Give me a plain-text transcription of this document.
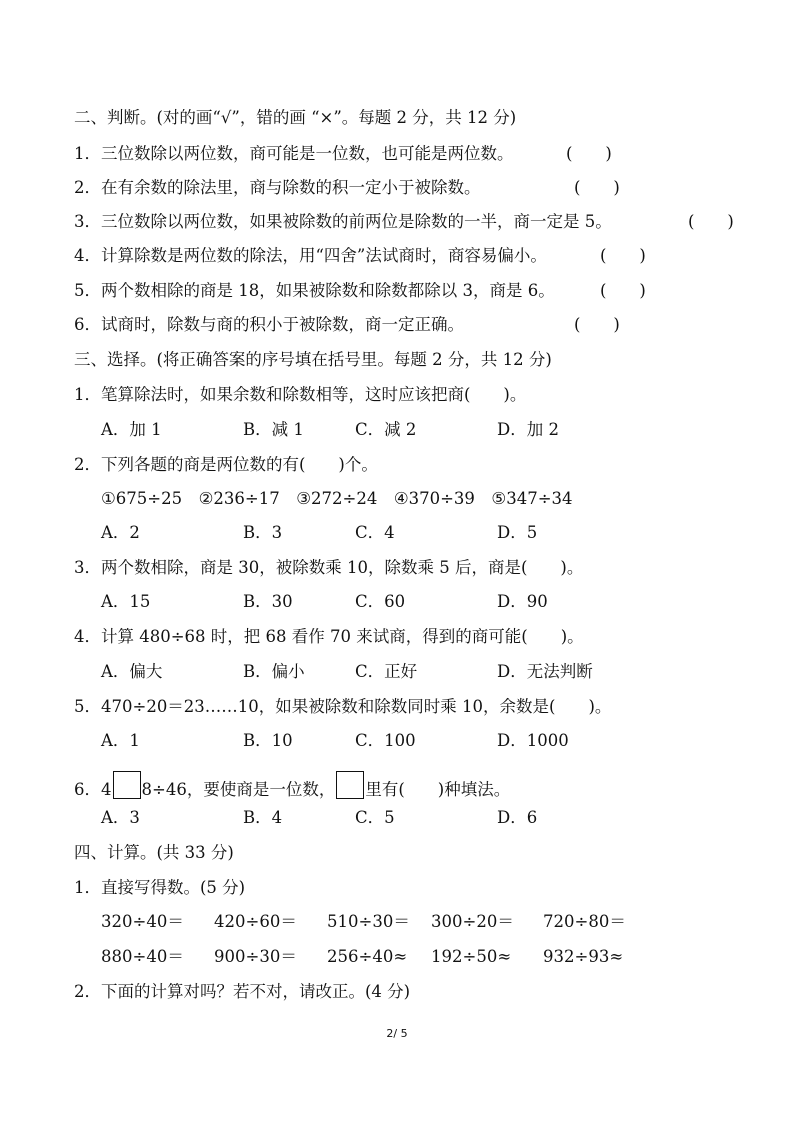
二、判断。(对的画“√”，错的画 “×”。每题 2 分，共 12 分)
1．三位数除以两位数，商可能是一位数，也可能是两位数。	(　　)
2．在有余数的除法里，商与除数的积一定小于被除数。	(　　)
3．三位数除以两位数，如果被除数的前两位是除数的一半，商一定是 5。	(　　)
4．计算除数是两位数的除法，用“四舍”法试商时，商容易偏小。	(　　)
5．两个数相除的商是 18，如果被除数和除数都除以 3，商是 6。	(　　)
6．试商时，除数与商的积小于被除数，商一定正确。	(　　)
三、选择。(将正确答案的序号填在括号里。每题 2 分，共 12 分)
1．笔算除法时，如果余数和除数相等，这时应该把商(　　)。
A．加 1	B．减 1	C．减 2	D．加 2
2．下列各题的商是两位数的有(　　)个。
①675÷25　②236÷17　③272÷24　④370÷39　⑤347÷34
A．2	B．3	C．4	D．5
3．两个数相除，商是 30，被除数乘 10，除数乘 5 后，商是(　　)。
A．15	B．30	C．60	D．90
4．计算 480÷68 时，把 68 看作 70 来试商，得到的商可能(　　)。
A．偏大	B．偏小	C．正好	D．无法判断
5．470÷20＝23……10，如果被除数和除数同时乘 10，余数是(　　)。
A．1	B．10	C．100	D．1000
6．4 8÷46，要使商是一位数， 里有(　　)种填法。
A．3	B．4	C．5	D．6
四、计算。(共 33 分)
1．直接写得数。(5 分)
320÷40＝ 420÷60＝ 510÷30＝ 300÷20＝ 720÷80＝
880÷40＝ 900÷30＝ 256÷40≈ 192÷50≈ 932÷93≈
2．下面的计算对吗？若不对，请改正。(4 分)
2/ 5
